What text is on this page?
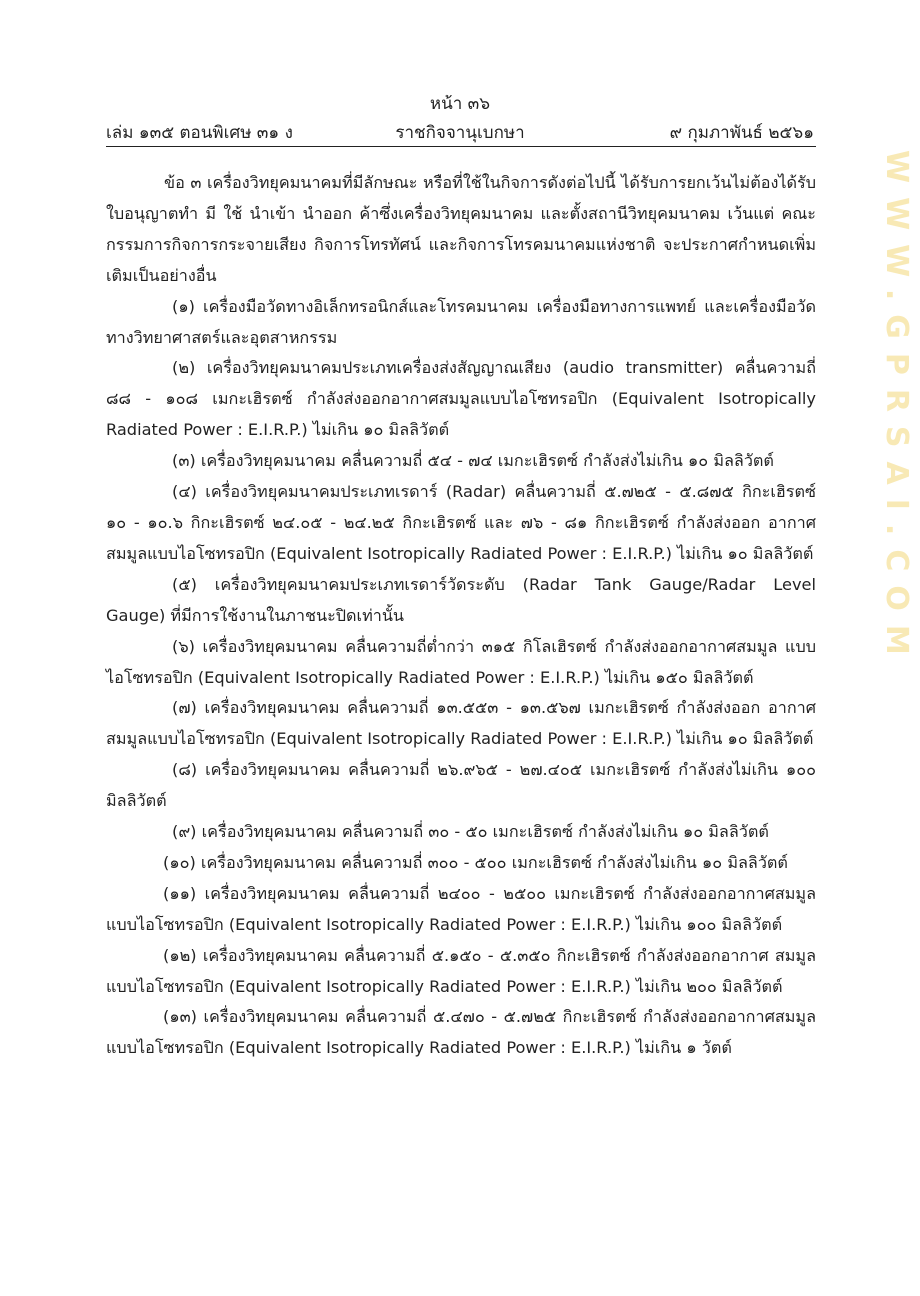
หน้า ๓๖
เล่ม ๑๓๕ ตอนพิเศษ ๓๑ ง	ราชกิจจานุเบกษา	๙ กุมภาพันธ์ ๒๕๖๑

ข้อ ๓ เครื่องวิทยุคมนาคมที่มีลักษณะ หรือที่ใช้ในกิจการดังต่อไปนี้ ได้รับการยกเว้นไม่ต้องได้รับใบอนุญาตทำ มี ใช้ นำเข้า นำออก ค้าซึ่งเครื่องวิทยุคมนาคม และตั้งสถานีวิทยุคมนาคม เว้นแต่ คณะกรรมการกิจการกระจายเสียง กิจการโทรทัศน์ และกิจการโทรคมนาคมแห่งชาติ จะประกาศกำหนดเพิ่มเติมเป็นอย่างอื่น

(๑) เครื่องมือวัดทางอิเล็กทรอนิกส์และโทรคมนาคม เครื่องมือทางการแพทย์ และเครื่องมือวัดทางวิทยาศาสตร์และอุตสาหกรรม

(๒) เครื่องวิทยุคมนาคมประเภทเครื่องส่งสัญญาณเสียง (audio transmitter) คลื่นความถี่ ๘๘ - ๑๐๘ เมกะเฮิรตซ์ กำลังส่งออกอากาศสมมูลแบบไอโซทรอปิก (Equivalent Isotropically Radiated Power : E.I.R.P.) ไม่เกิน ๑๐ มิลลิวัตต์

(๓) เครื่องวิทยุคมนาคม คลื่นความถี่ ๕๔ - ๗๔ เมกะเฮิรตซ์ กำลังส่งไม่เกิน ๑๐ มิลลิวัตต์

(๔) เครื่องวิทยุคมนาคมประเภทเรดาร์ (Radar) คลื่นความถี่ ๕.๗๒๕ - ๕.๘๗๕ กิกะเฮิรตซ์ ๑๐ - ๑๐.๖ กิกะเฮิรตซ์ ๒๔.๐๕ - ๒๔.๒๕ กิกะเฮิรตซ์ และ ๗๖ - ๘๑ กิกะเฮิรตซ์ กำลังส่งออก อากาศสมมูลแบบไอโซทรอปิก (Equivalent Isotropically Radiated Power : E.I.R.P.) ไม่เกิน ๑๐ มิลลิวัตต์

(๕) เครื่องวิทยุคมนาคมประเภทเรดาร์วัดระดับ (Radar Tank Gauge/Radar Level Gauge) ที่มีการใช้งานในภาชนะปิดเท่านั้น

(๖) เครื่องวิทยุคมนาคม คลื่นความถี่ต่ำกว่า ๓๑๕ กิโลเฮิรตซ์ กำลังส่งออกอากาศสมมูล แบบไอโซทรอปิก (Equivalent Isotropically Radiated Power : E.I.R.P.) ไม่เกิน ๑๕๐ มิลลิวัตต์

(๗) เครื่องวิทยุคมนาคม คลื่นความถี่ ๑๓.๕๕๓ - ๑๓.๕๖๗ เมกะเฮิรตซ์ กำลังส่งออก อากาศสมมูลแบบไอโซทรอปิก (Equivalent Isotropically Radiated Power : E.I.R.P.) ไม่เกิน ๑๐ มิลลิวัตต์

(๘) เครื่องวิทยุคมนาคม คลื่นความถี่ ๒๖.๙๖๕ - ๒๗.๔๐๕ เมกะเฮิรตซ์ กำลังส่งไม่เกิน ๑๐๐ มิลลิวัตต์

(๙) เครื่องวิทยุคมนาคม คลื่นความถี่ ๓๐ - ๕๐ เมกะเฮิรตซ์ กำลังส่งไม่เกิน ๑๐ มิลลิวัตต์

(๑๐) เครื่องวิทยุคมนาคม คลื่นความถี่ ๓๐๐ - ๕๐๐ เมกะเฮิรตซ์ กำลังส่งไม่เกิน ๑๐ มิลลิวัตต์

(๑๑) เครื่องวิทยุคมนาคม คลื่นความถี่ ๒๔๐๐ - ๒๕๐๐ เมกะเฮิรตซ์ กำลังส่งออกอากาศสมมูล แบบไอโซทรอปิก (Equivalent Isotropically Radiated Power : E.I.R.P.) ไม่เกิน ๑๐๐ มิลลิวัตต์

(๑๒) เครื่องวิทยุคมนาคม คลื่นความถี่ ๕.๑๕๐ - ๕.๓๕๐ กิกะเฮิรตซ์ กำลังส่งออกอากาศ สมมูลแบบไอโซทรอปิก (Equivalent Isotropically Radiated Power : E.I.R.P.) ไม่เกิน ๒๐๐ มิลลิวัตต์

(๑๓) เครื่องวิทยุคมนาคม คลื่นความถี่ ๕.๔๗๐ - ๕.๗๒๕ กิกะเฮิรตซ์ กำลังส่งออกอากาศสมมูล แบบไอโซทรอปิก (Equivalent Isotropically Radiated Power : E.I.R.P.) ไม่เกิน ๑ วัตต์

WWW.GPRSAI.COM
